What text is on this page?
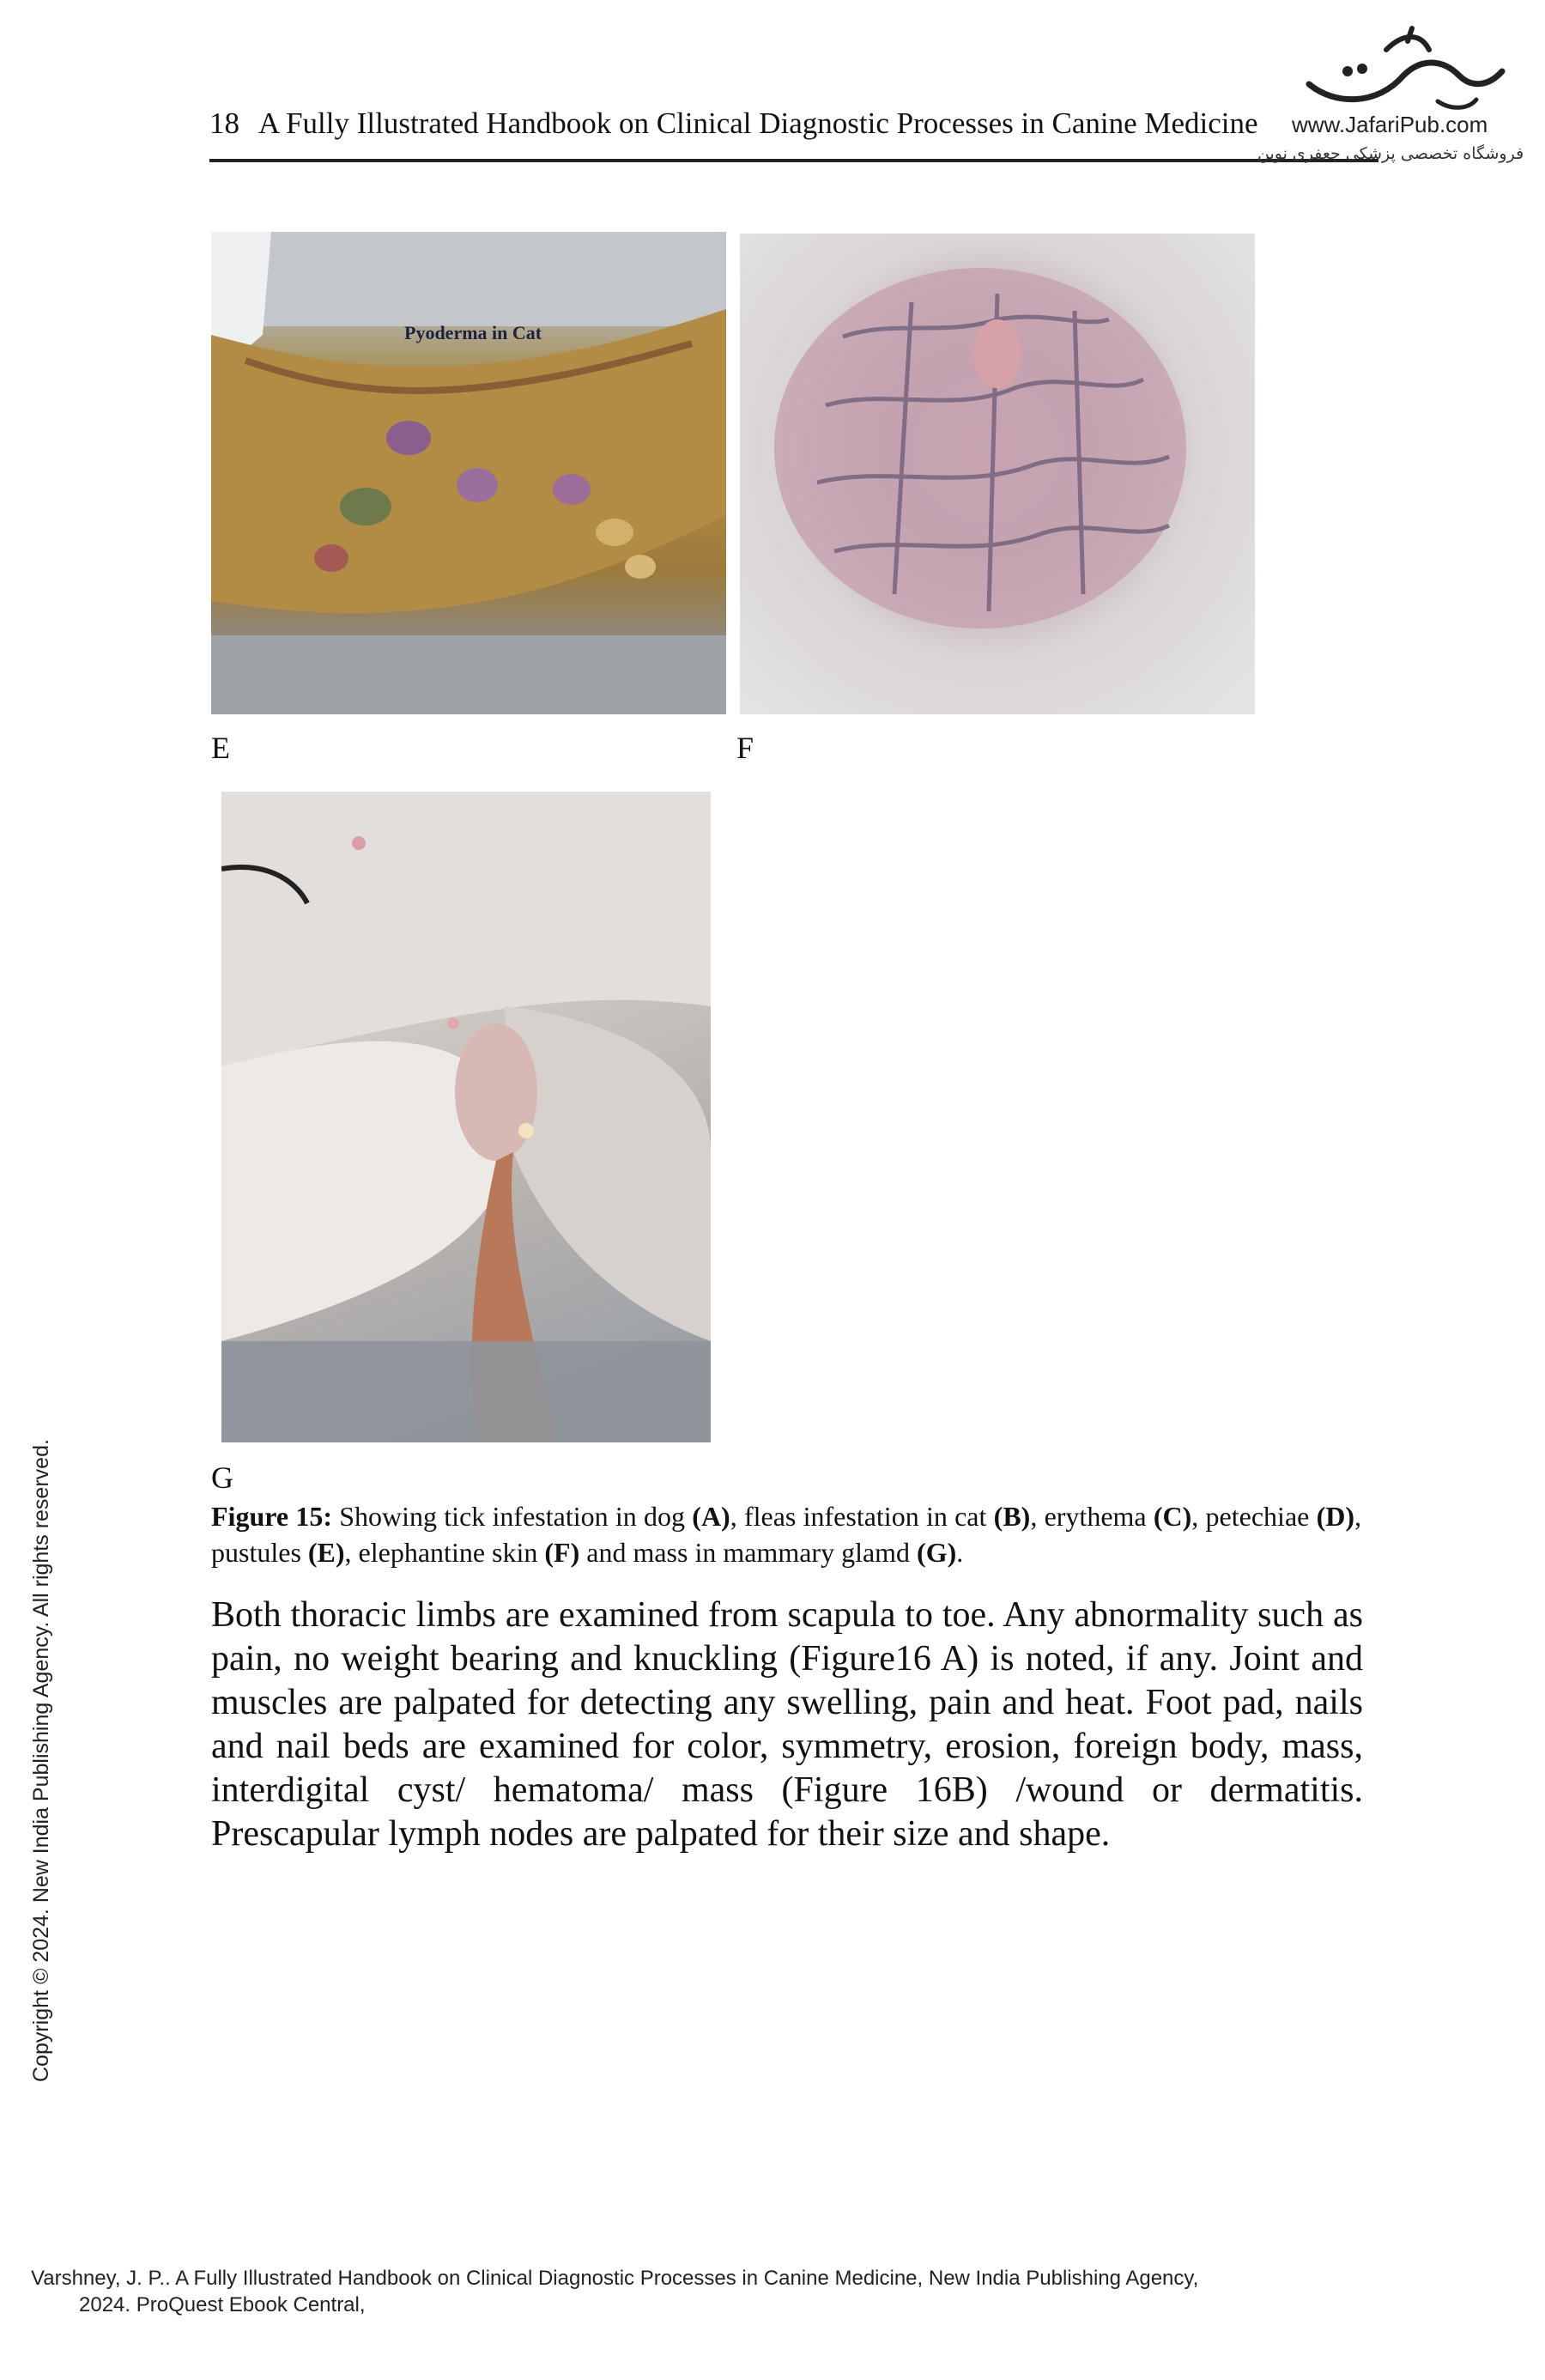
18 A Fully Illustrated Handbook on Clinical Diagnostic Processes in Canine Medicine www.JafariPub.com
فروشگاه تخصصی پزشکی جعفری نوین
Pyoderma in Cat
E	F
G
Figure 15: Showing tick infestation in dog (A), fleas infestation in cat (B), erythema (C), petechiae (D), pustules (E), elephantine skin (F) and mass in mammary glamd (G).
Both thoracic limbs are examined from scapula to toe. Any abnormality such as pain, no weight bearing and knuckling (Figure16 A) is noted, if any. Joint and muscles are palpated for detecting any swelling, pain and heat. Foot pad, nails and nail beds are examined for color, symmetry, erosion, foreign body, mass, interdigital cyst/ hematoma/ mass (Figure 16B) /wound or dermatitis. Prescapular lymph nodes are palpated for their size and shape.
Copyright © 2024. New India Publishing Agency. All rights reserved.
Varshney, J. P.. A Fully Illustrated Handbook on Clinical Diagnostic Processes in Canine Medicine, New India Publishing Agency,
2024. ProQuest Ebook Central,
